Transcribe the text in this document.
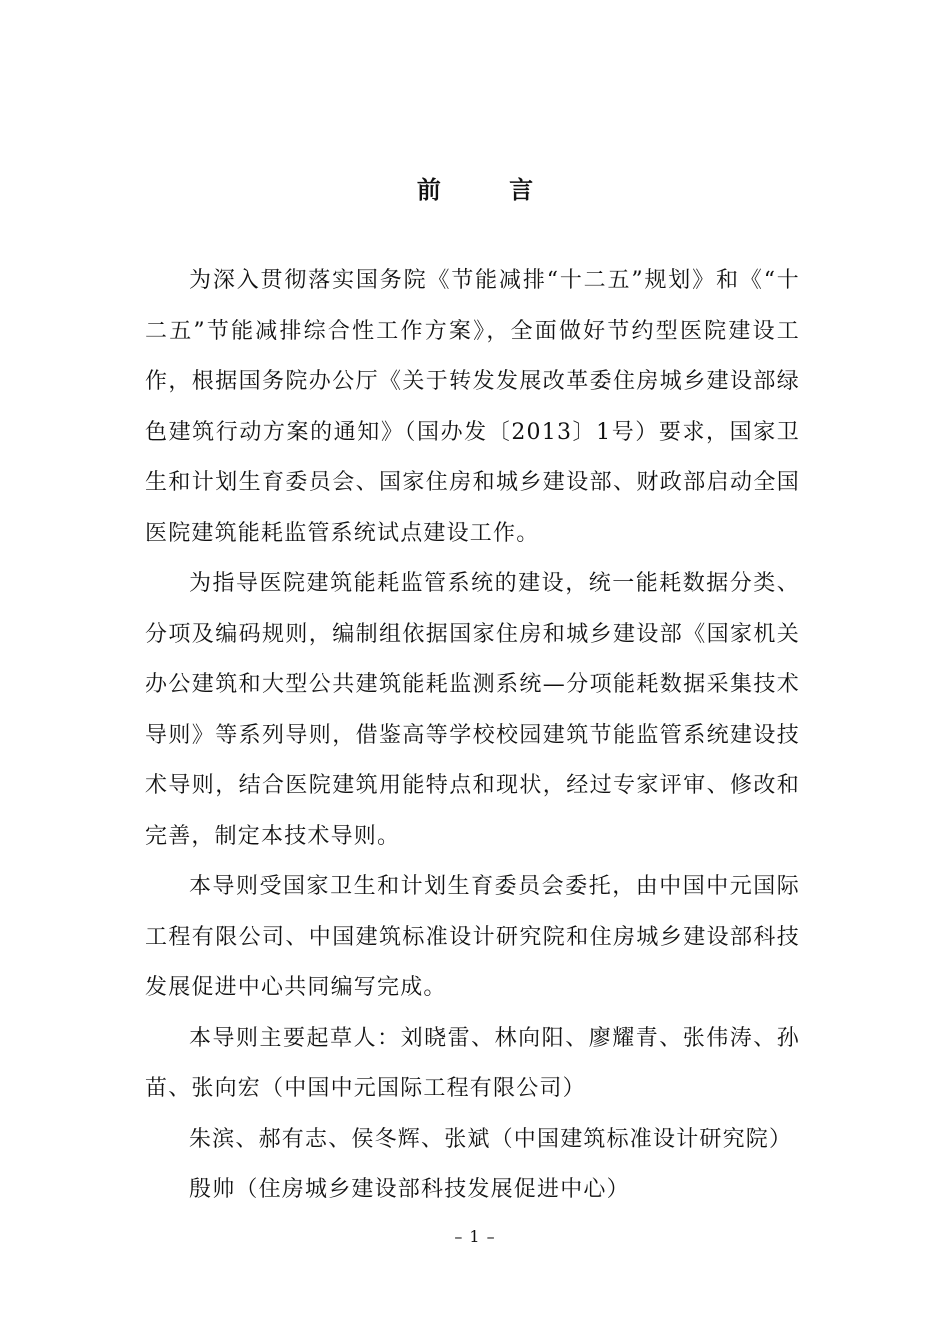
前 言

为深入贯彻落实国务院《节能减排“十二五”规划》和《“十二五”节能减排综合性工作方案》，全面做好节约型医院建设工作，根据国务院办公厅《关于转发发展改革委住房城乡建设部绿色建筑行动方案的通知》（国办发〔2013〕1号）要求，国家卫生和计划生育委员会、国家住房和城乡建设部、财政部启动全国医院建筑能耗监管系统试点建设工作。

为指导医院建筑能耗监管系统的建设，统一能耗数据分类、分项及编码规则，编制组依据国家住房和城乡建设部《国家机关办公建筑和大型公共建筑能耗监测系统—分项能耗数据采集技术导则》等系列导则，借鉴高等学校校园建筑节能监管系统建设技术导则，结合医院建筑用能特点和现状，经过专家评审、修改和完善，制定本技术导则。

本导则受国家卫生和计划生育委员会委托，由中国中元国际工程有限公司、中国建筑标准设计研究院和住房城乡建设部科技发展促进中心共同编写完成。

本导则主要起草人：刘晓雷、林向阳、廖耀青、张伟涛、孙苗、张向宏（中国中元国际工程有限公司）

朱滨、郝有志、侯冬辉、张斌（中国建筑标准设计研究院）

殷帅（住房城乡建设部科技发展促进中心）

– 1 –
